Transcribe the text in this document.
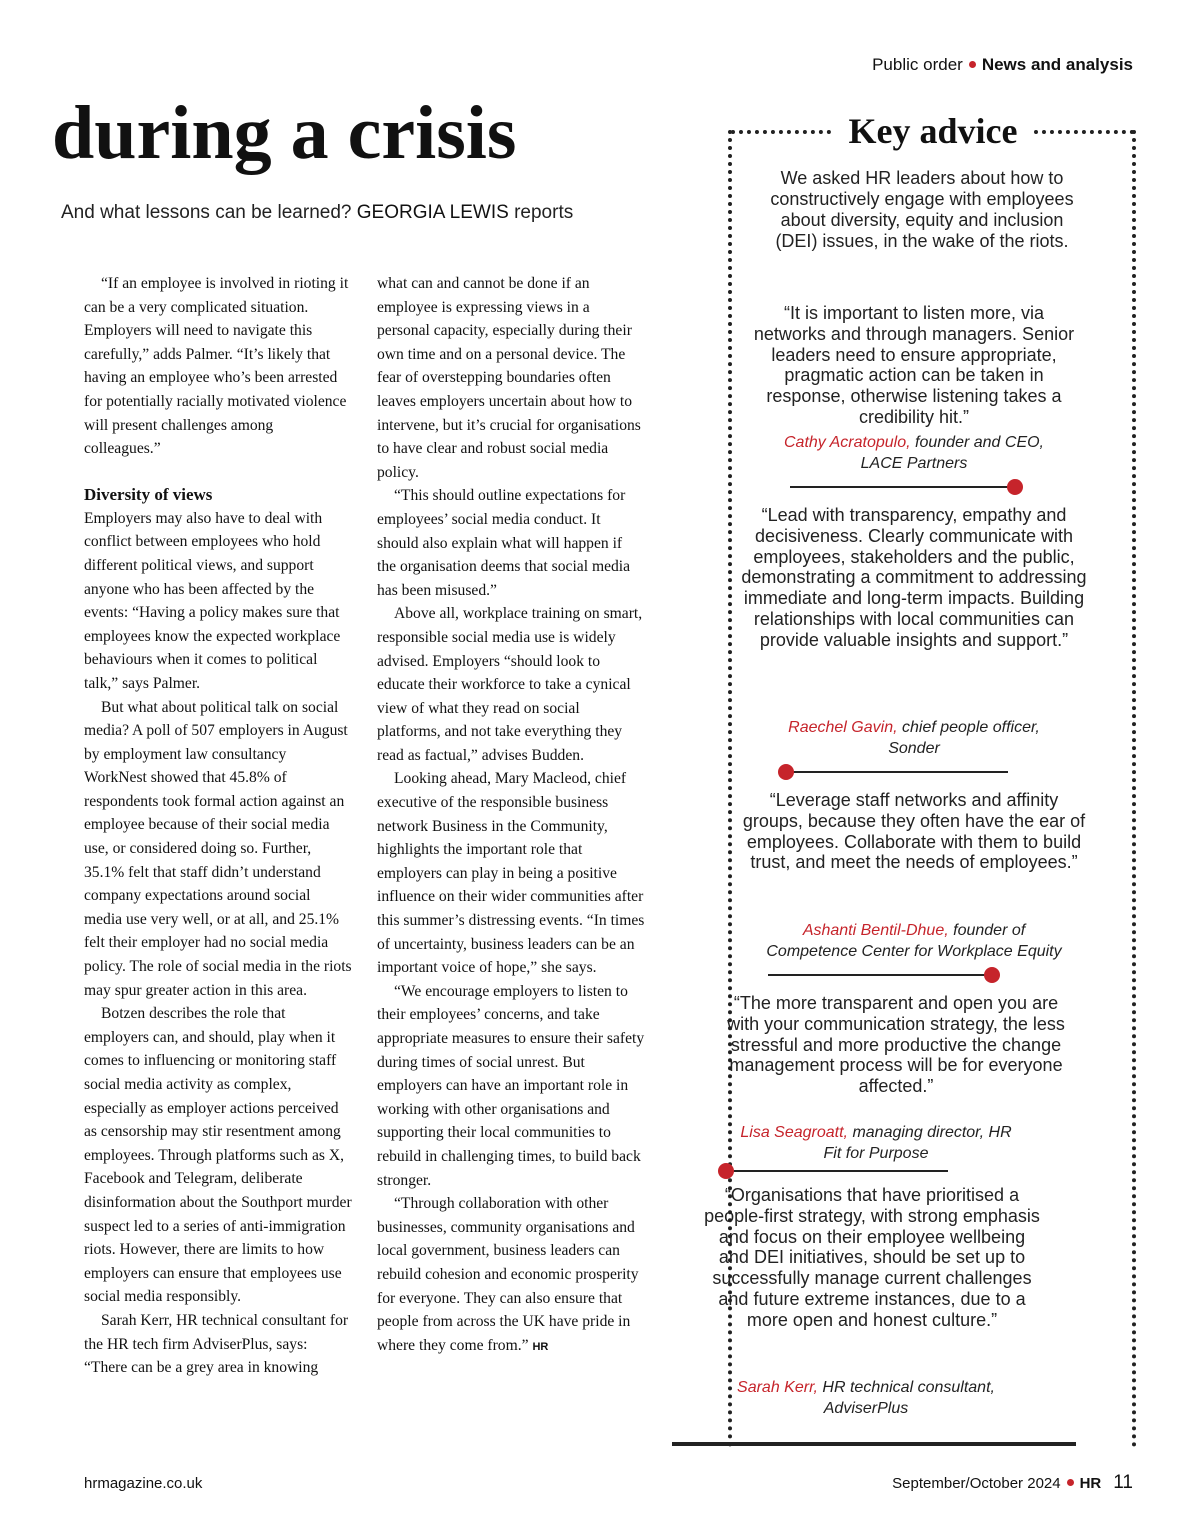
Public order News and analysis
during a crisis
And what lessons can be learned? GEORGIA LEWIS reports

“If an employee is involved in rioting it can be a very complicated situation. Employers will need to navigate this carefully,” adds Palmer. “It’s likely that having an employee who’s been arrested for potentially racially motivated violence will present challenges among colleagues.”

Diversity of views

Employers may also have to deal with conflict between employees who hold different political views, and support anyone who has been affected by the events: “Having a policy makes sure that employees know the expected workplace behaviours when it comes to political talk,” says Palmer.

But what about political talk on social media? A poll of 507 employers in August by employment law consultancy WorkNest showed that 45.8% of respondents took formal action against an employee because of their social media use, or considered doing so. Further, 35.1% felt that staff didn’t understand company expectations around social media use very well, or at all, and 25.1% felt their employer had no social media policy. The role of social media in the riots may spur greater action in this area.

Botzen describes the role that employers can, and should, play when it comes to influencing or monitoring staff social media activity as complex, especially as employer actions perceived as censorship may stir resentment among employees. Through platforms such as X, Facebook and Telegram, deliberate disinformation about the Southport murder suspect led to a series of anti-immigration riots. However, there are limits to how employers can ensure that employees use social media responsibly.

Sarah Kerr, HR technical consultant for the HR tech firm AdviserPlus, says: “There can be a grey area in knowing

what can and cannot be done if an employee is expressing views in a personal capacity, especially during their own time and on a personal device. The fear of overstepping boundaries often leaves employers uncertain about how to intervene, but it’s crucial for organisations to have clear and robust social media policy.

“This should outline expectations for employees’ social media conduct. It should also explain what will happen if the organisation deems that social media has been misused.”

Above all, workplace training on smart, responsible social media use is widely advised. Employers “should look to educate their workforce to take a cynical view of what they read on social platforms, and not take everything they read as factual,” advises Budden.

Looking ahead, Mary Macleod, chief executive of the responsible business network Business in the Community, highlights the important role that employers can play in being a positive influence on their wider communities after this summer’s distressing events. “In times of uncertainty, business leaders can be an important voice of hope,” she says.

“We encourage employers to listen to their employees’ concerns, and take appropriate measures to ensure their safety during times of social unrest. But employers can have an important role in working with other organisations and supporting their local communities to rebuild in challenging times, to build back stronger.

“Through collaboration with other businesses, community organisations and local government, business leaders can rebuild cohesion and economic prosperity for everyone. They can also ensure that people from across the UK have pride in where they come from.” HR

Key advice
We asked HR leaders about how to constructively engage with employees about diversity, equity and inclusion (DEI) issues, in the wake of the riots.
“It is important to listen more, via networks and through managers. Senior leaders need to ensure appropriate, pragmatic action can be taken in response, otherwise listening takes a credibility hit.”
Cathy Acratopulo, founder and CEO,
LACE Partners
“Lead with transparency, empathy and decisiveness. Clearly communicate with employees, stakeholders and the public, demonstrating a commitment to addressing immediate and long-term impacts. Building relationships with local communities can provide valuable insights and support.”
Raechel Gavin, chief people officer,
Sonder
“Leverage staff networks and affinity groups, because they often have the ear of employees. Collaborate with them to build trust, and meet the needs of employees.”
Ashanti Bentil-Dhue, founder of
Competence Center for Workplace Equity
“The more transparent and open you are with your communication strategy, the less stressful and more productive the change management process will be for everyone affected.”
Lisa Seagroatt, managing director, HR
Fit for Purpose
“Organisations that have prioritised a people-first strategy, with strong emphasis and focus on their employee wellbeing and DEI initiatives, should be set up to successfully manage current challenges and future extreme instances, due to a more open and honest culture.”
Sarah Kerr, HR technical consultant,
AdviserPlus
hrmagazine.co.uk	September/October 2024 HR 11
